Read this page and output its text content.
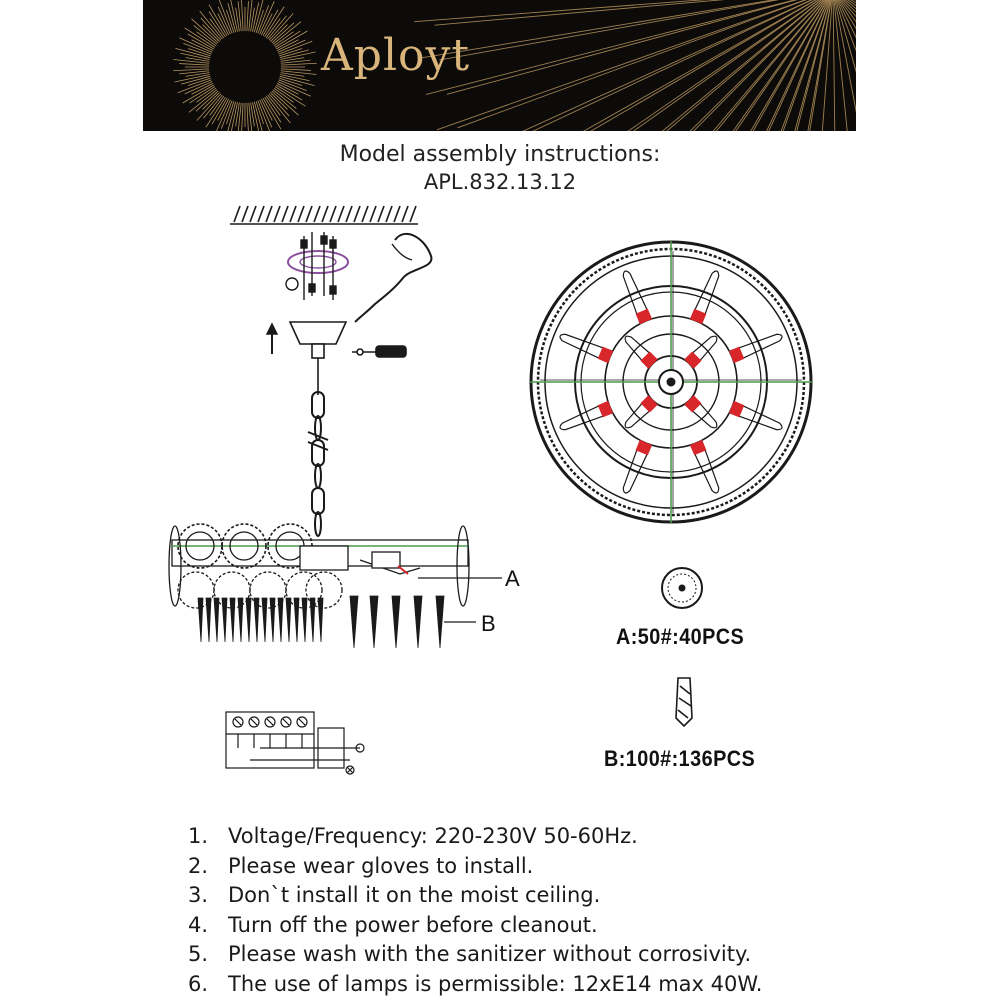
Aployt
Model assembly instructions:
APL.832.13.12
A
B
A:50#:40PCS
B:100#:136PCS
1. Voltage/Frequency: 220-230V 50-60Hz.
2. Please wear gloves to install.
3. Don`t install it on the moist ceiling.
4. Turn off the power before cleanout.
5. Please wash with the sanitizer without corrosivity.
6. The use of lamps is permissible: 12xE14 max 40W.
